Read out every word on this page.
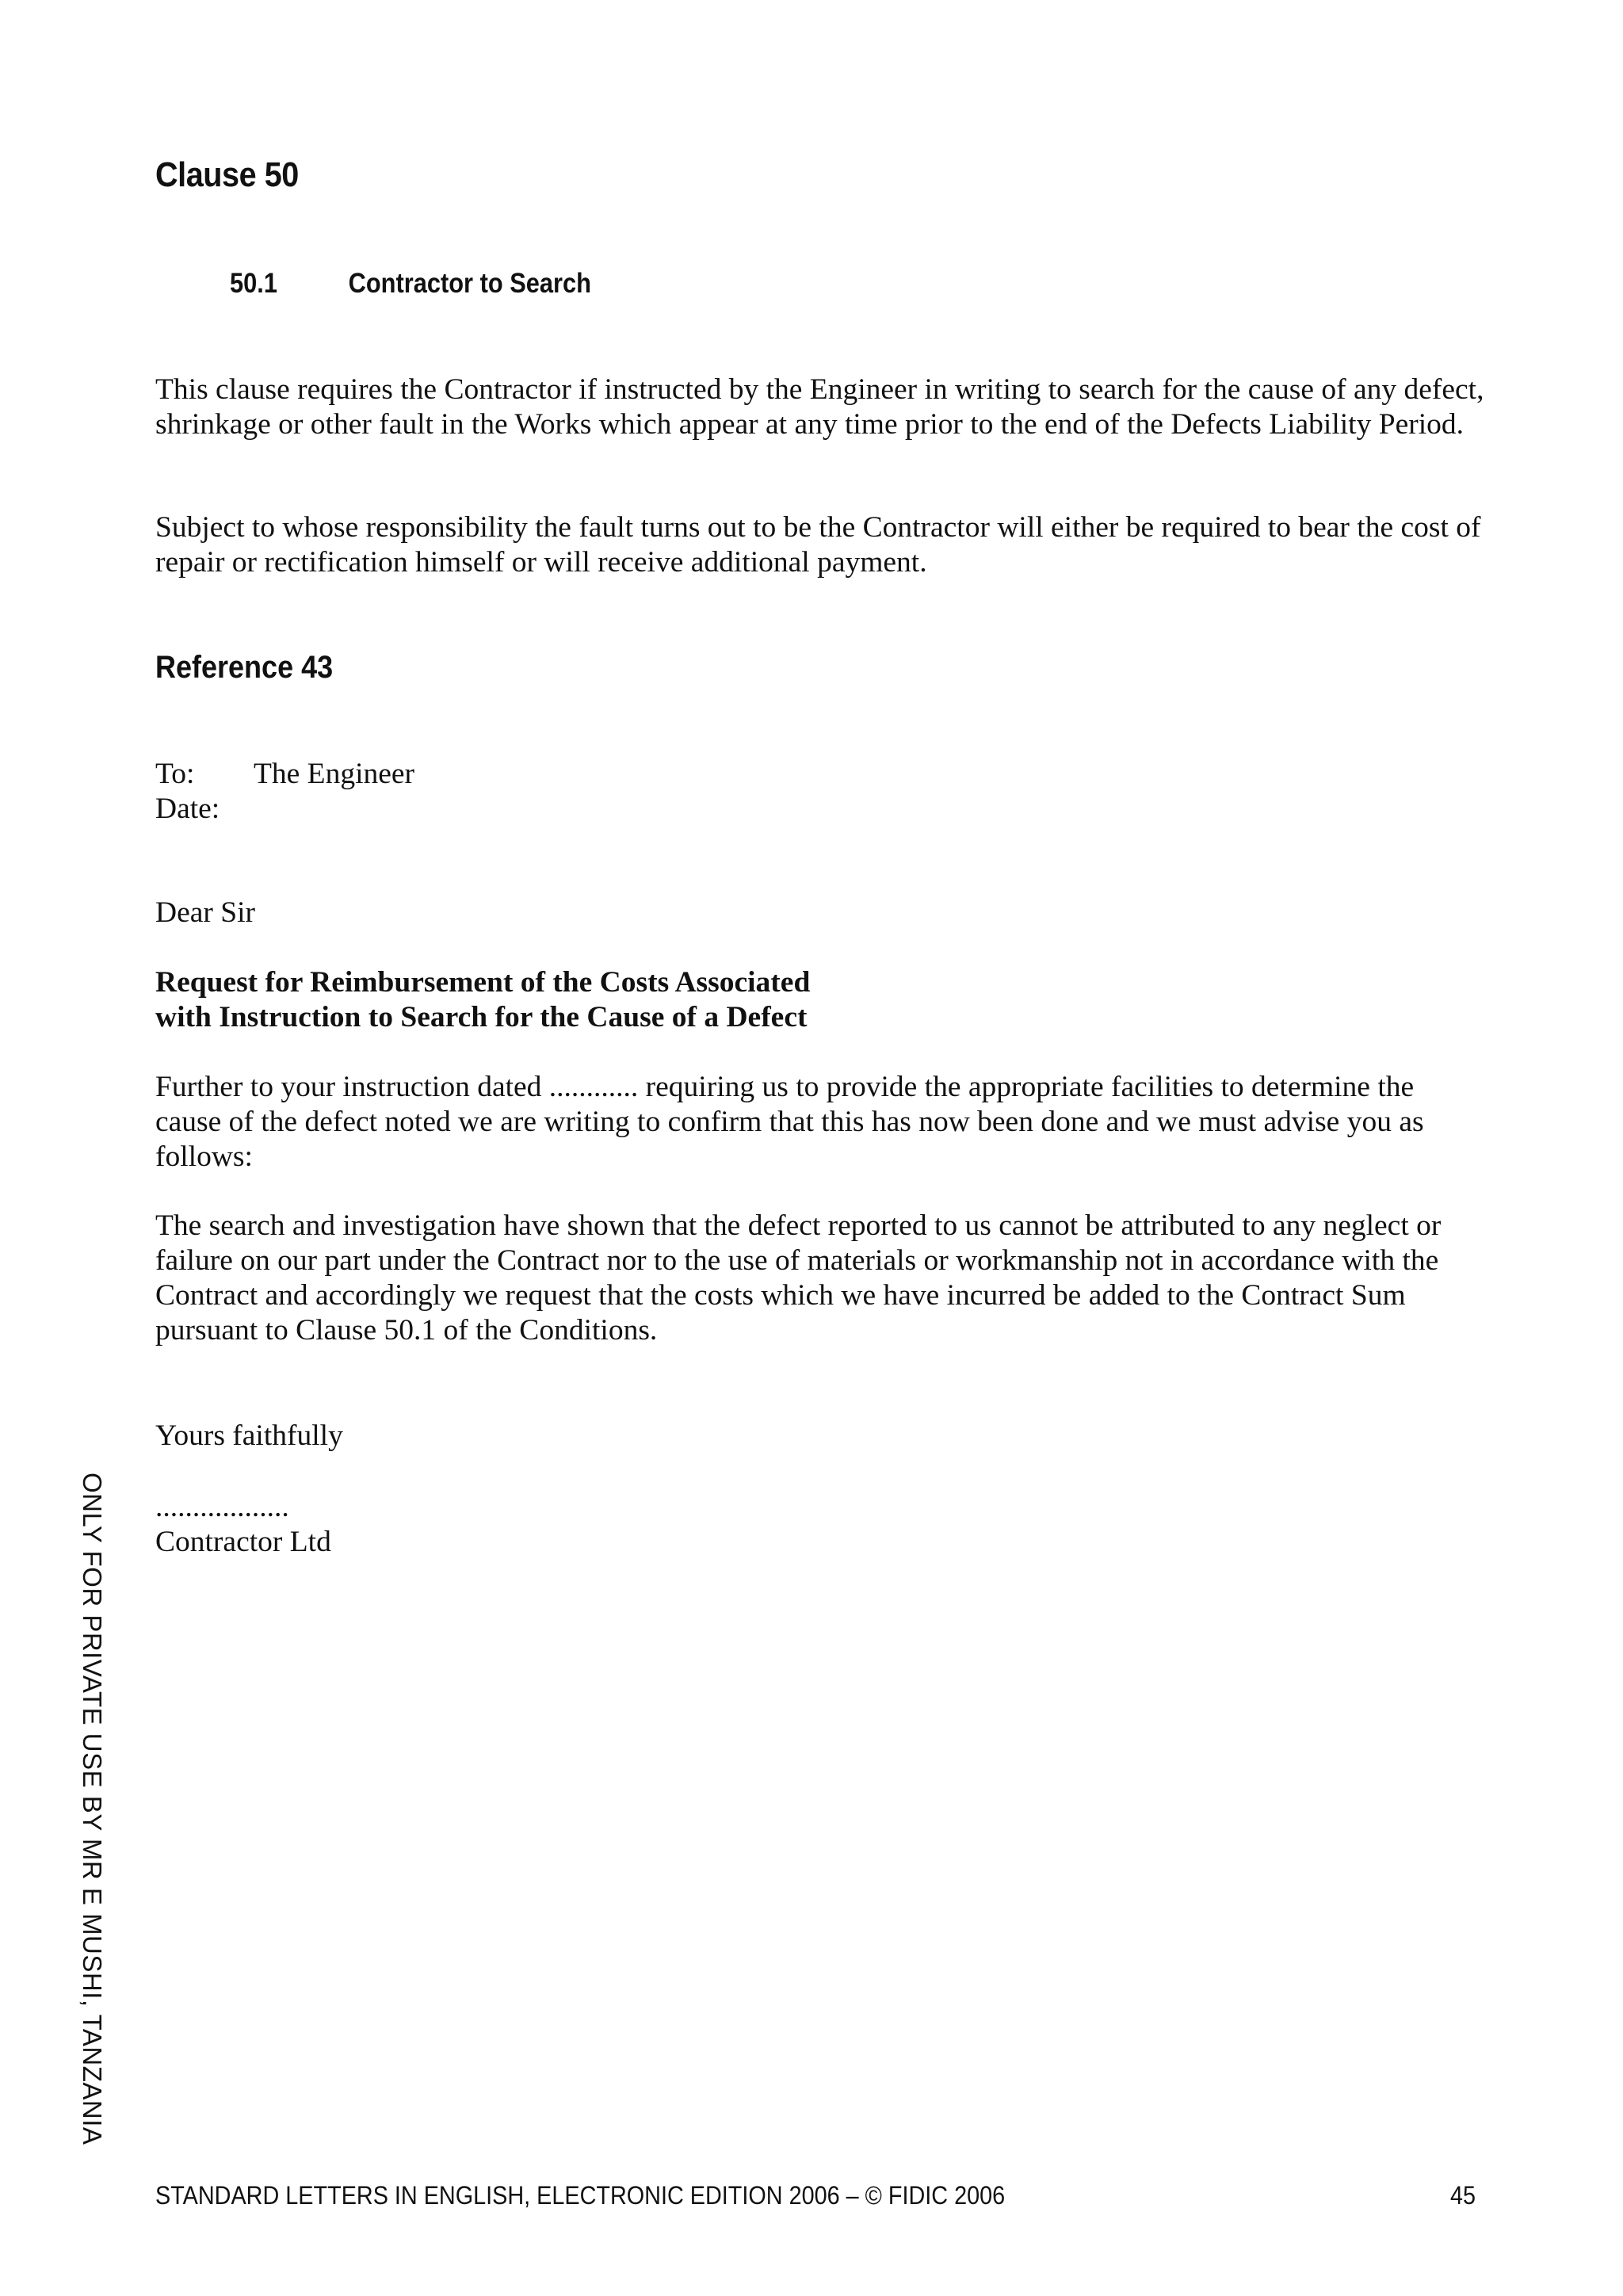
Clause 50
50.1	Contractor to Search

This clause requires the Contractor if instructed by the Engineer in writing to search for the cause of any defect, shrinkage or other fault in the Works which appear at any time prior to the end of the Defects Liability Period.

Subject to whose responsibility the fault turns out to be the Contractor will either be required to bear the cost of repair or rectification himself or will receive additional payment.

Reference 43
To: The Engineer
Date:

Dear Sir

Request for Reimbursement of the Costs Associated
with Instruction to Search for the Cause of a Defect

Further to your instruction dated ............ requiring us to provide the appropriate facilities to determine the cause of the defect noted we are writing to confirm that this has now been done and we must advise you as follows:

The search and investigation have shown that the defect reported to us cannot be attributed to any neglect or failure on our part under the Contract nor to the use of materials or workmanship not in accordance with the Contract and accordingly we request that the costs which we have incurred be added to the Contract Sum pursuant to Clause 50.1 of the Conditions.

Yours faithfully

..................
Contractor Ltd
ONLY FOR PRIVATE USE BY MR E MUSHI, TANZANIA

STANDARD LETTERS IN ENGLISH, ELECTRONIC EDITION 2006 – © FIDIC 2006	45
